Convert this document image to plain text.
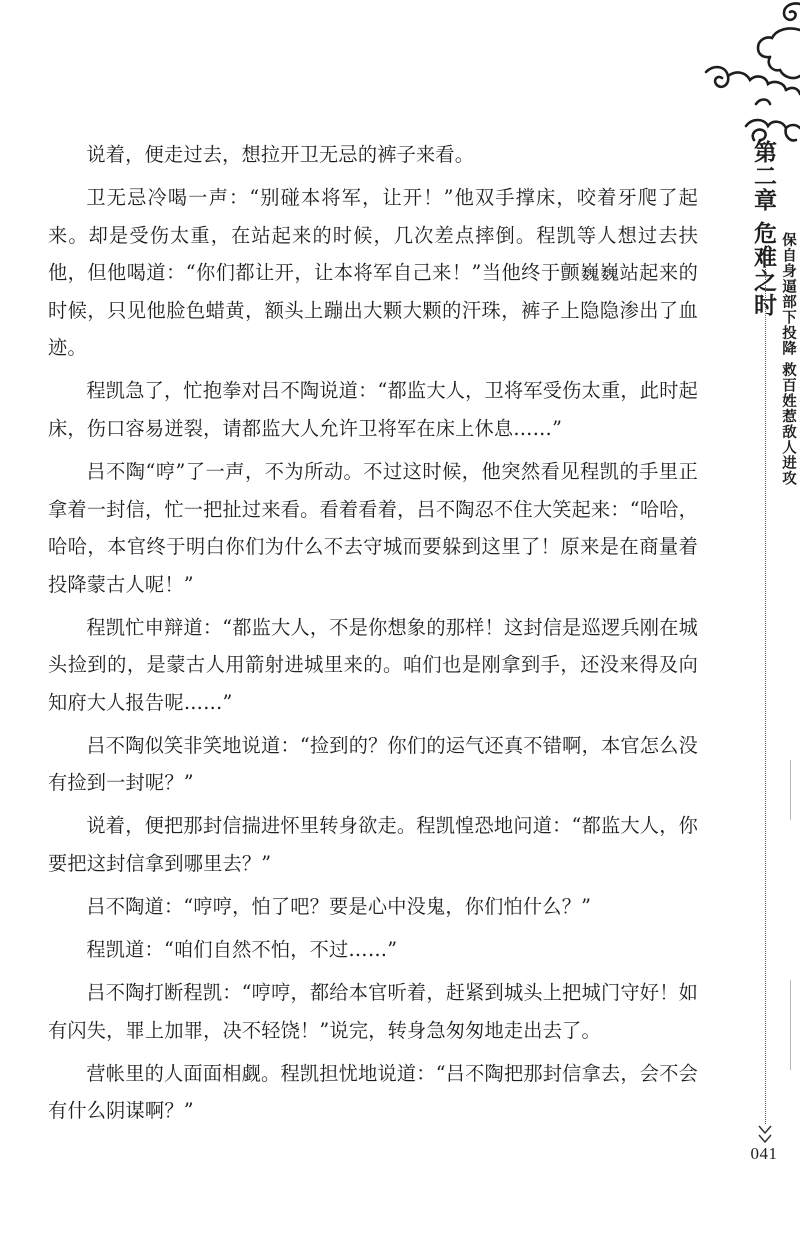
第二章 危难之时
保自身逼部下投降 救百姓惹敌人进攻
041

说着，便走过去，想拉开卫无忌的裤子来看。

卫无忌冷喝一声：“别碰本将军，让开！”他双手撑床，咬着牙爬了起来。却是受伤太重，在站起来的时候，几次差点摔倒。程凯等人想过去扶他，但他喝道：“你们都让开，让本将军自己来！”当他终于颤巍巍站起来的时候，只见他脸色蜡黄，额头上蹦出大颗大颗的汗珠，裤子上隐隐渗出了血迹。

程凯急了，忙抱拳对吕不陶说道：“都监大人，卫将军受伤太重，此时起床，伤口容易迸裂，请都监大人允许卫将军在床上休息……”

吕不陶“哼”了一声，不为所动。不过这时候，他突然看见程凯的手里正拿着一封信，忙一把扯过来看。看着看着，吕不陶忍不住大笑起来：“哈哈，哈哈，本官终于明白你们为什么不去守城而要躲到这里了！原来是在商量着投降蒙古人呢！”

程凯忙申辩道：“都监大人，不是你想象的那样！这封信是巡逻兵刚在城头捡到的，是蒙古人用箭射进城里来的。咱们也是刚拿到手，还没来得及向知府大人报告呢……”

吕不陶似笑非笑地说道：“捡到的？你们的运气还真不错啊，本官怎么没有捡到一封呢？”

说着，便把那封信揣进怀里转身欲走。程凯惶恐地问道：“都监大人，你要把这封信拿到哪里去？”

吕不陶道：“哼哼，怕了吧？要是心中没鬼，你们怕什么？”

程凯道：“咱们自然不怕，不过……”

吕不陶打断程凯：“哼哼，都给本官听着，赶紧到城头上把城门守好！如有闪失，罪上加罪，决不轻饶！”说完，转身急匆匆地走出去了。

营帐里的人面面相觑。程凯担忧地说道：“吕不陶把那封信拿去，会不会有什么阴谋啊？”
